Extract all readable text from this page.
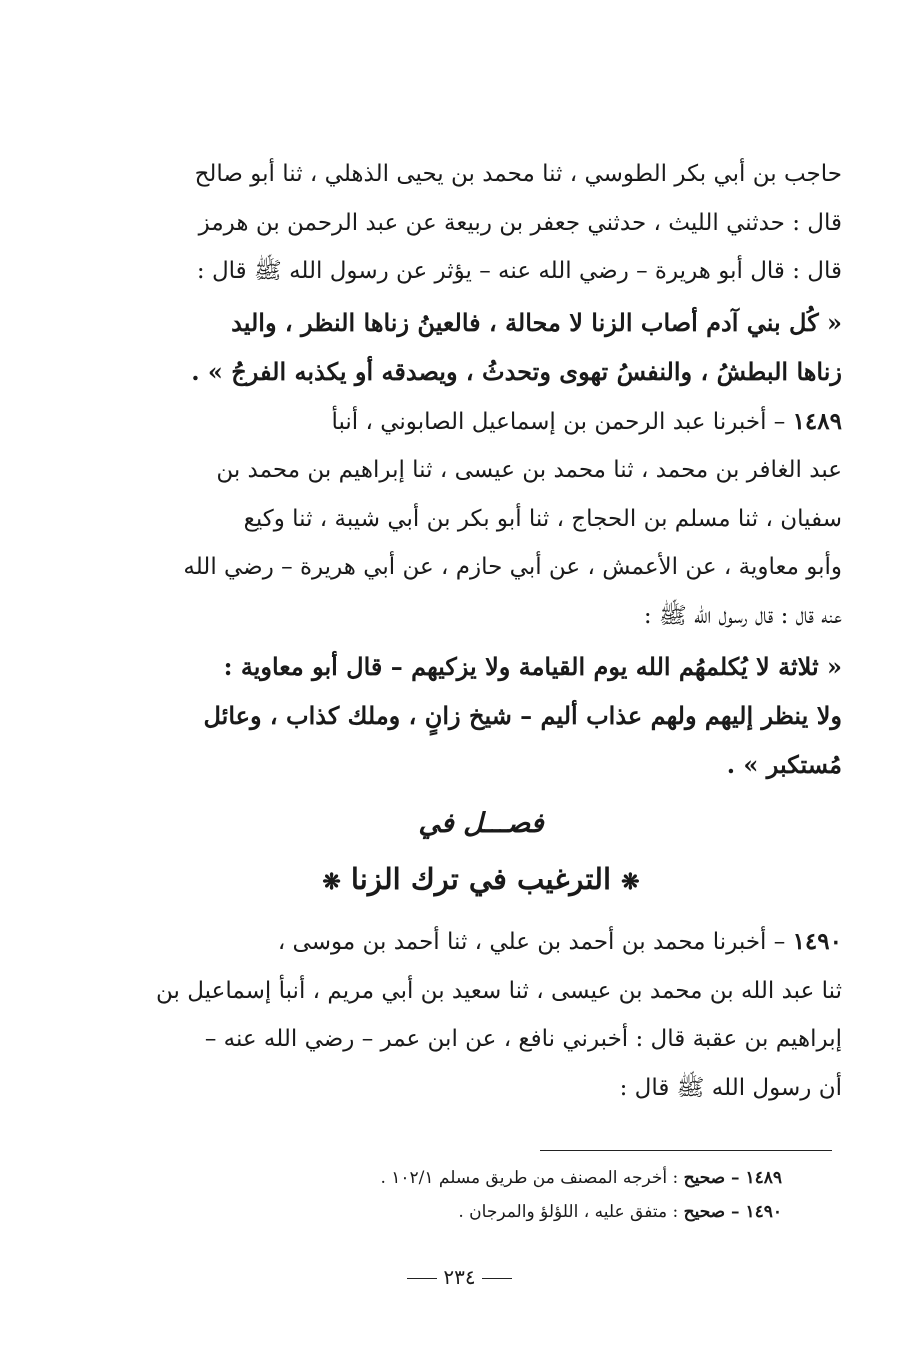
حاجب بن أبي بكر الطوسي ، ثنا محمد بن يحيى الذهلي ، ثنا أبو صالح
قال : حدثني الليث ، حدثني جعفر بن ربيعة عن عبد الرحمن بن هرمز
قال : قال أبو هريرة – رضي الله عنه – يؤثر عن رسول الله ﷺ قال :

« كُل بني آدم أصاب الزنا لا محالة ، فالعينُ زناها النظر ، واليد
زناها البطشُ ، والنفسُ تهوى وتحدثُ ، ويصدقه أو يكذبه الفرجُ » .

١٤٨٩ – أخبرنا عبد الرحمن بن إسماعيل الصابوني ، أنبأ
عبد الغافر بن محمد ، ثنا محمد بن عيسى ، ثنا إبراهيم بن محمد بن
سفيان ، ثنا مسلم بن الحجاج ، ثنا أبو بكر بن أبي شيبة ، ثنا وكيع
وأبو معاوية ، عن الأعمش ، عن أبي حازم ، عن أبي هريرة – رضي الله
عنه قال : قال رسول الله ﷺ :

« ثلاثة لا يُكلمهُم الله يوم القيامة ولا يزكيهم – قال أبو معاوية :
ولا ينظر إليهم ولهم عذاب أليم – شيخ زانٍ ، وملك كذاب ، وعائل
مُستكبر » .

فصـــل في

❋ الترغيب في ترك الزنا ❋

١٤٩٠ – أخبرنا محمد بن أحمد بن علي ، ثنا أحمد بن موسى ،
ثنا عبد الله بن محمد بن عيسى ، ثنا سعيد بن أبي مريم ، أنبأ إسماعيل بن
إبراهيم بن عقبة قال : أخبرني نافع ، عن ابن عمر – رضي الله عنه –
أن رسول الله ﷺ قال :

١٤٨٩ – صحيح : أخرجه المصنف من طريق مسلم ١٠٢/١ .

١٤٩٠ – صحيح : متفق عليه ، اللؤلؤ والمرجان .

٢٣٤
